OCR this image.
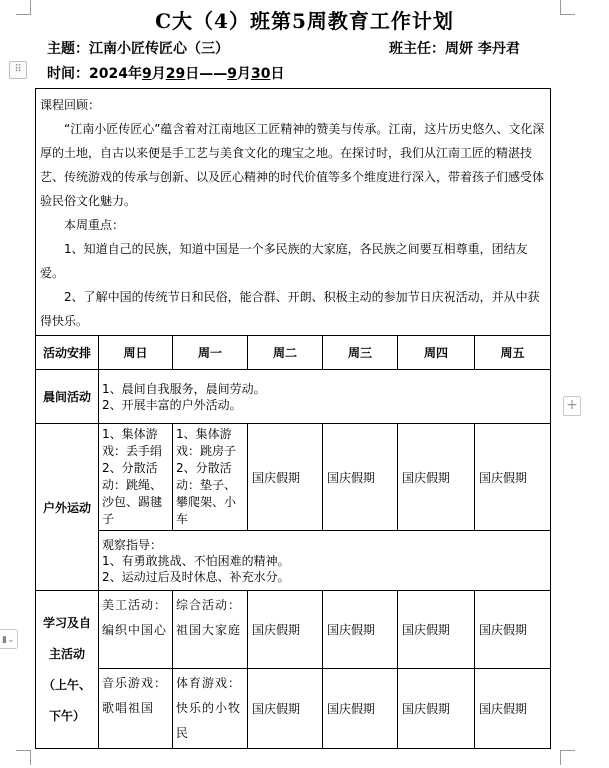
⠿
+
▮⌄
C大（4）班第5周教育工作计划
主题：江南小匠传匠心（三）	班主任：周妍 李丹君
时间：2024年9月29日——9月30日

课程回顾：

“江南小匠传匠心”蕴含着对江南地区工匠精神的赞美与传承。江南，这片历史悠久、文化深厚的土地，自古以来便是手工艺与美食文化的瑰宝之地。在探讨时，我们从江南工匠的精湛技艺、传统游戏的传承与创新、以及匠心精神的时代价值等多个维度进行深入，带着孩子们感受体验民俗文化魅力。

本周重点：

1、知道自己的民族，知道中国是一个多民族的大家庭，各民族之间要互相尊重，团结友爱。

2、了解中国的传统节日和民俗，能合群、开朗、积极主动的参加节日庆祝活动，并从中获得快乐。						

活动安排	周日	周一	周二	周三	周四	周五
晨间活动	1、晨间自我服务，晨间劳动。
2、开展丰富的户外活动。					

户外运动	1、集体游戏：丢手绢 2、分散活动：跳绳、沙包、踢毽子	1、集体游戏：跳房子 2、分散活动：垫子、攀爬架、小车	国庆假期	国庆假期	国庆假期	国庆假期

	观察指导：
1、有勇敢挑战、不怕困难的精神。
2、运动过后及时休息、补充水分。					

学习及自
主活动
（上午、
下午）	美工活动：编织中国心	综合活动：祖国大家庭	国庆假期	国庆假期	国庆假期	国庆假期
	音乐游戏：歌唱祖国	体育游戏：快乐的小牧民	国庆假期	国庆假期	国庆假期	国庆假期
